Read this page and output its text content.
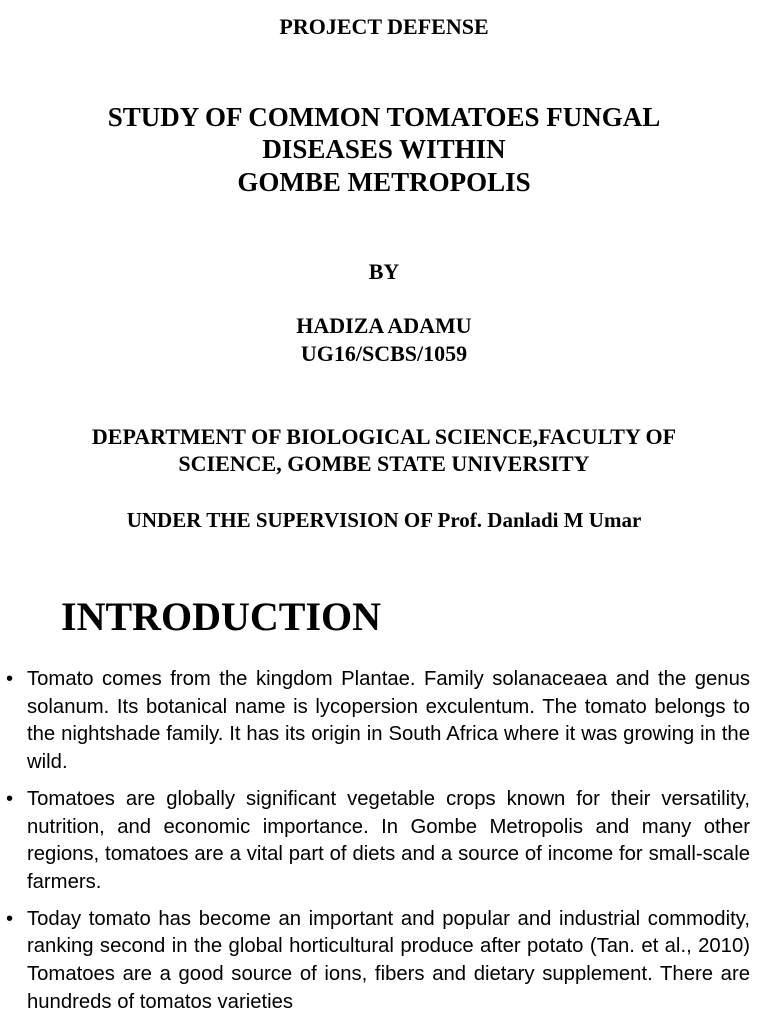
PROJECT DEFENSE
STUDY OF COMMON TOMATOES FUNGAL
DISEASES WITHIN
GOMBE METROPOLIS
BY
HADIZA ADAMU
UG16/SCBS/1059
DEPARTMENT OF BIOLOGICAL SCIENCE,FACULTY OF
SCIENCE, GOMBE STATE UNIVERSITY
UNDER THE SUPERVISION OF Prof. Danladi M Umar
INTRODUCTION
• Tomato comes from the kingdom Plantae. Family solanaceaea and the genus solanum. Its botanical name is lycopersion exculentum. The tomato belongs to the nightshade family. It has its origin in South Africa where it was growing in the wild.
• Tomatoes are globally significant vegetable crops known for their versatility, nutrition, and economic importance. In Gombe Metropolis and many other regions, tomatoes are a vital part of diets and a source of income for small-scale farmers.
• Today tomato has become an important and popular and industrial commodity, ranking second in the global horticultural produce after potato (Tan. et al., 2010) Tomatoes are a good source of ions, fibers and dietary supplement. There are hundreds of tomatos varieties
